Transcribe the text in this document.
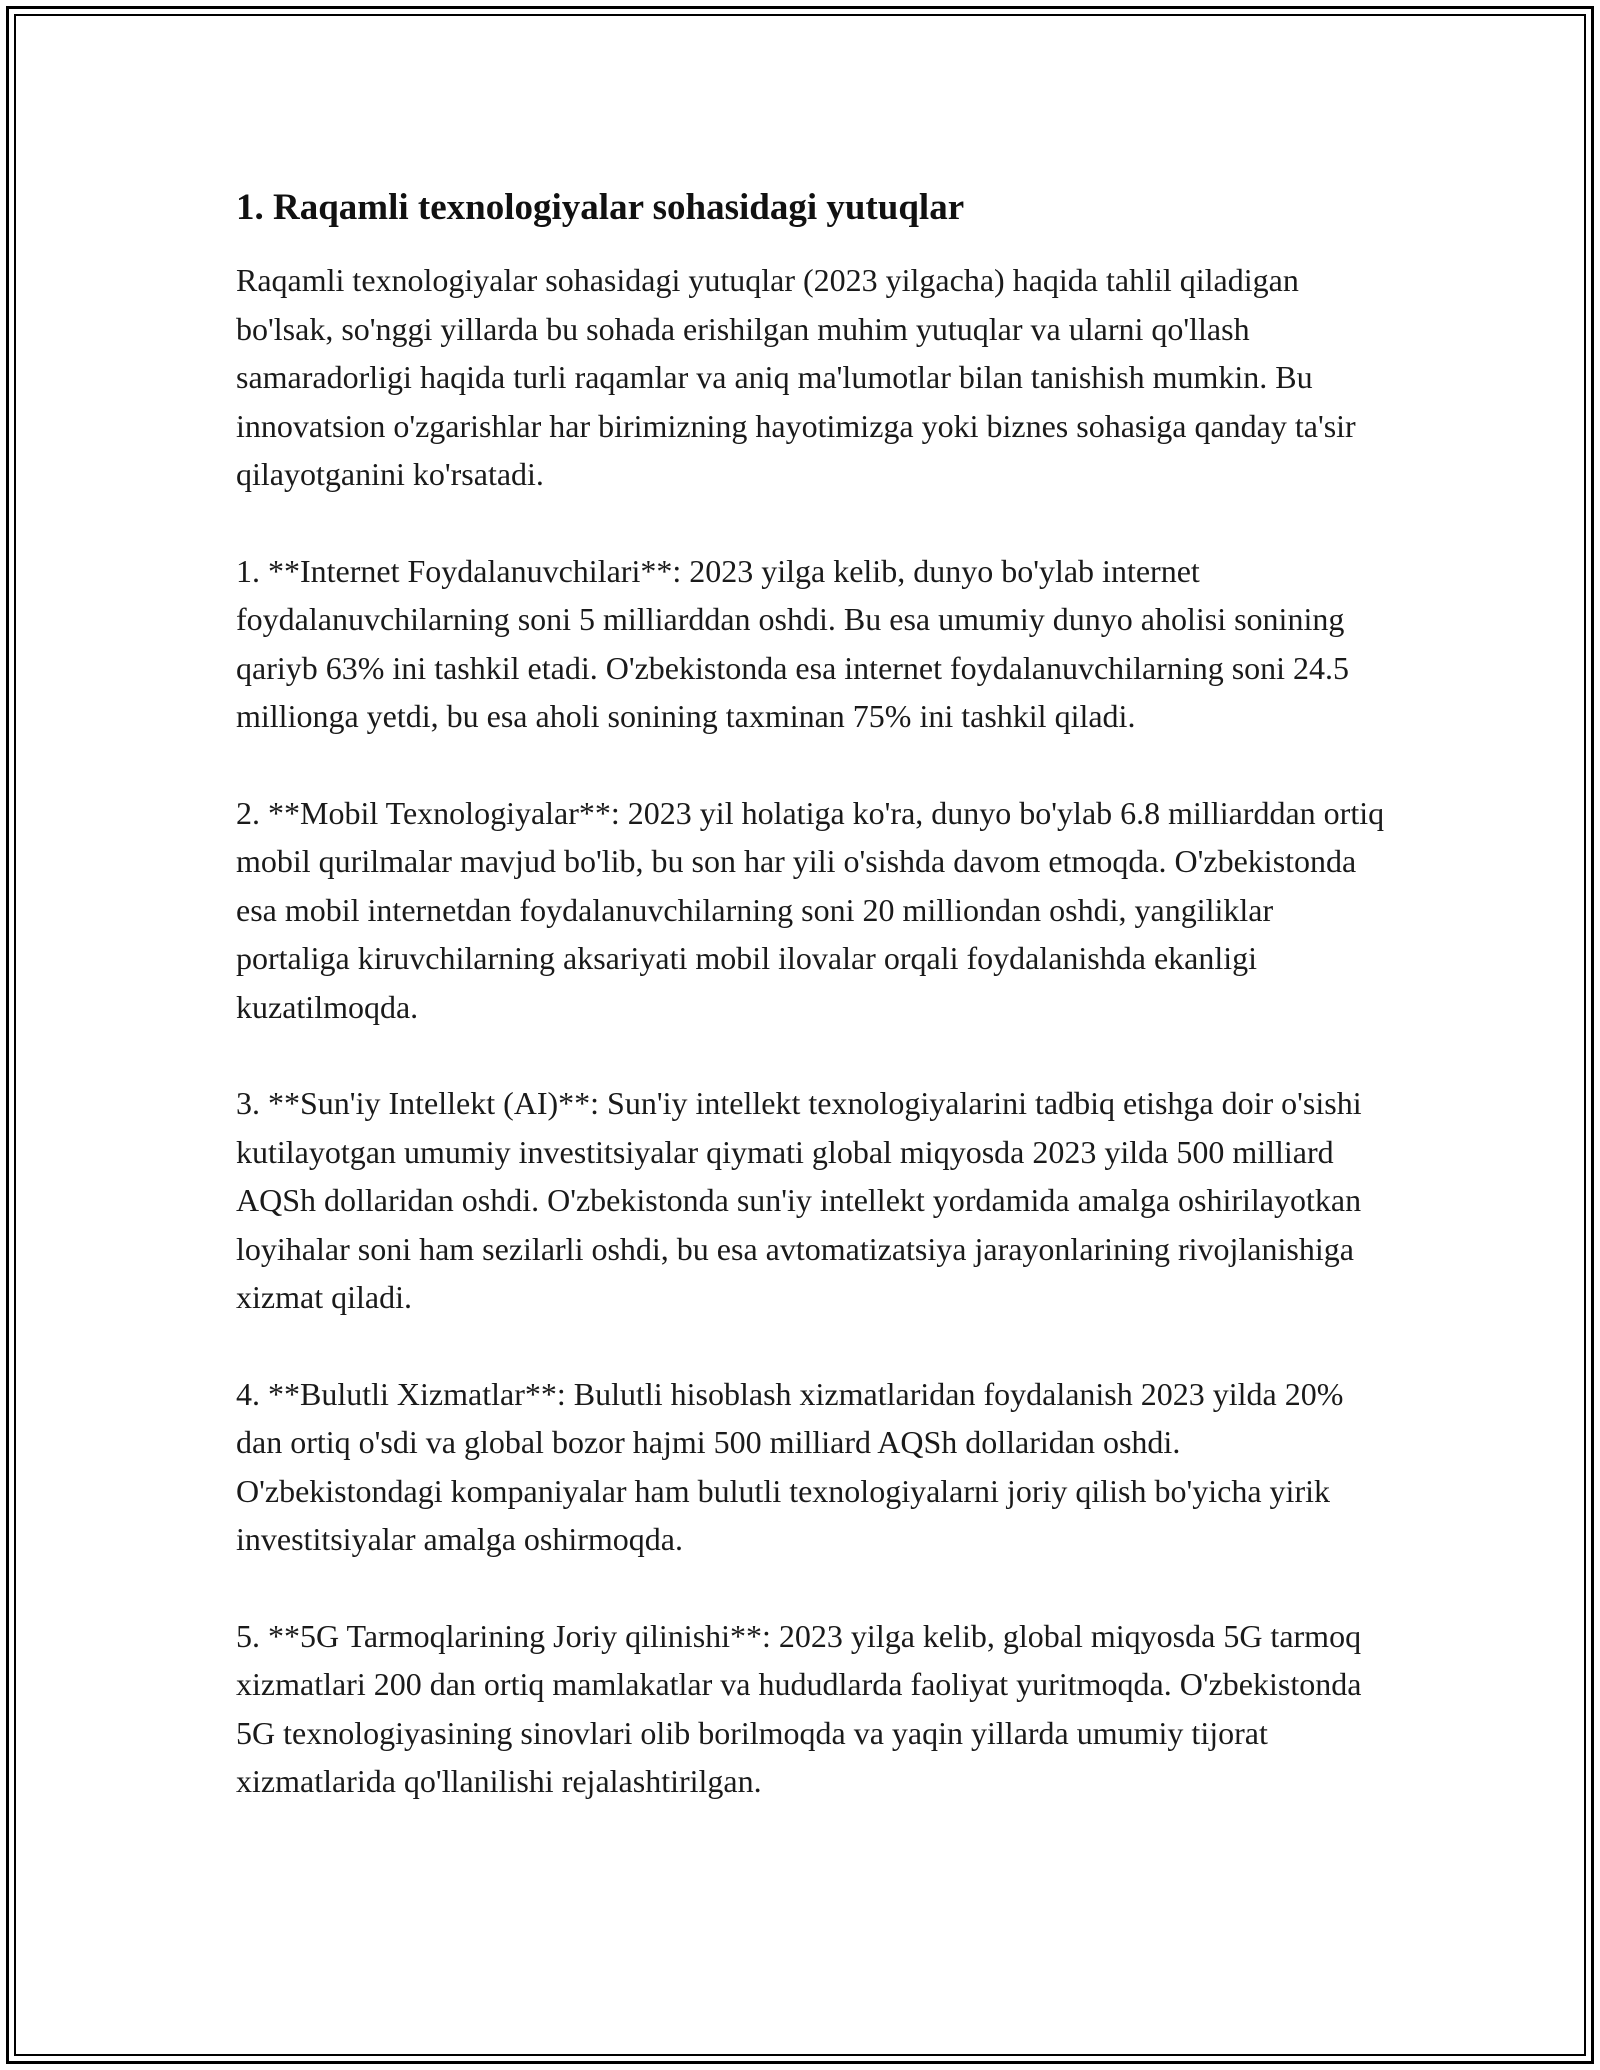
1. Raqamli texnologiyalar sohasidagi yutuqlar

Raqamli texnologiyalar sohasidagi yutuqlar (2023 yilgacha) haqida tahlil qiladigan bo'lsak, so'nggi yillarda bu sohada erishilgan muhim yutuqlar va ularni qo'llash samaradorligi haqida turli raqamlar va aniq ma'lumotlar bilan tanishish mumkin. Bu innovatsion o'zgarishlar har birimizning hayotimizga yoki biznes sohasiga qanday ta'sir qilayotganini ko'rsatadi.

1. **Internet Foydalanuvchilari**: 2023 yilga kelib, dunyo bo'ylab internet foydalanuvchilarning soni 5 milliarddan oshdi. Bu esa umumiy dunyo aholisi sonining qariyb 63% ini tashkil etadi. O'zbekistonda esa internet foydalanuvchilarning soni 24.5 millionga yetdi, bu esa aholi sonining taxminan 75% ini tashkil qiladi.

2. **Mobil Texnologiyalar**: 2023 yil holatiga ko'ra, dunyo bo'ylab 6.8 milliarddan ortiq mobil qurilmalar mavjud bo'lib, bu son har yili o'sishda davom etmoqda. O'zbekistonda esa mobil internetdan foydalanuvchilarning soni 20 milliondan oshdi, yangiliklar portaliga kiruvchilarning aksariyati mobil ilovalar orqali foydalanishda ekanligi kuzatilmoqda.

3. **Sun'iy Intellekt (AI)**: Sun'iy intellekt texnologiyalarini tadbiq etishga doir o'sishi kutilayotgan umumiy investitsiyalar qiymati global miqyosda 2023 yilda 500 milliard AQSh dollaridan oshdi. O'zbekistonda sun'iy intellekt yordamida amalga oshirilayotkan loyihalar soni ham sezilarli oshdi, bu esa avtomatizatsiya jarayonlarining rivojlanishiga xizmat qiladi.

4. **Bulutli Xizmatlar**: Bulutli hisoblash xizmatlaridan foydalanish 2023 yilda 20% dan ortiq o'sdi va global bozor hajmi 500 milliard AQSh dollaridan oshdi. O'zbekistondagi kompaniyalar ham bulutli texnologiyalarni joriy qilish bo'yicha yirik investitsiyalar amalga oshirmoqda.

5. **5G Tarmoqlarining Joriy qilinishi**: 2023 yilga kelib, global miqyosda 5G tarmoq xizmatlari 200 dan ortiq mamlakatlar va hududlarda faoliyat yuritmoqda. O'zbekistonda 5G texnologiyasining sinovlari olib borilmoqda va yaqin yillarda umumiy tijorat xizmatlarida qo'llanilishi rejalashtirilgan.
